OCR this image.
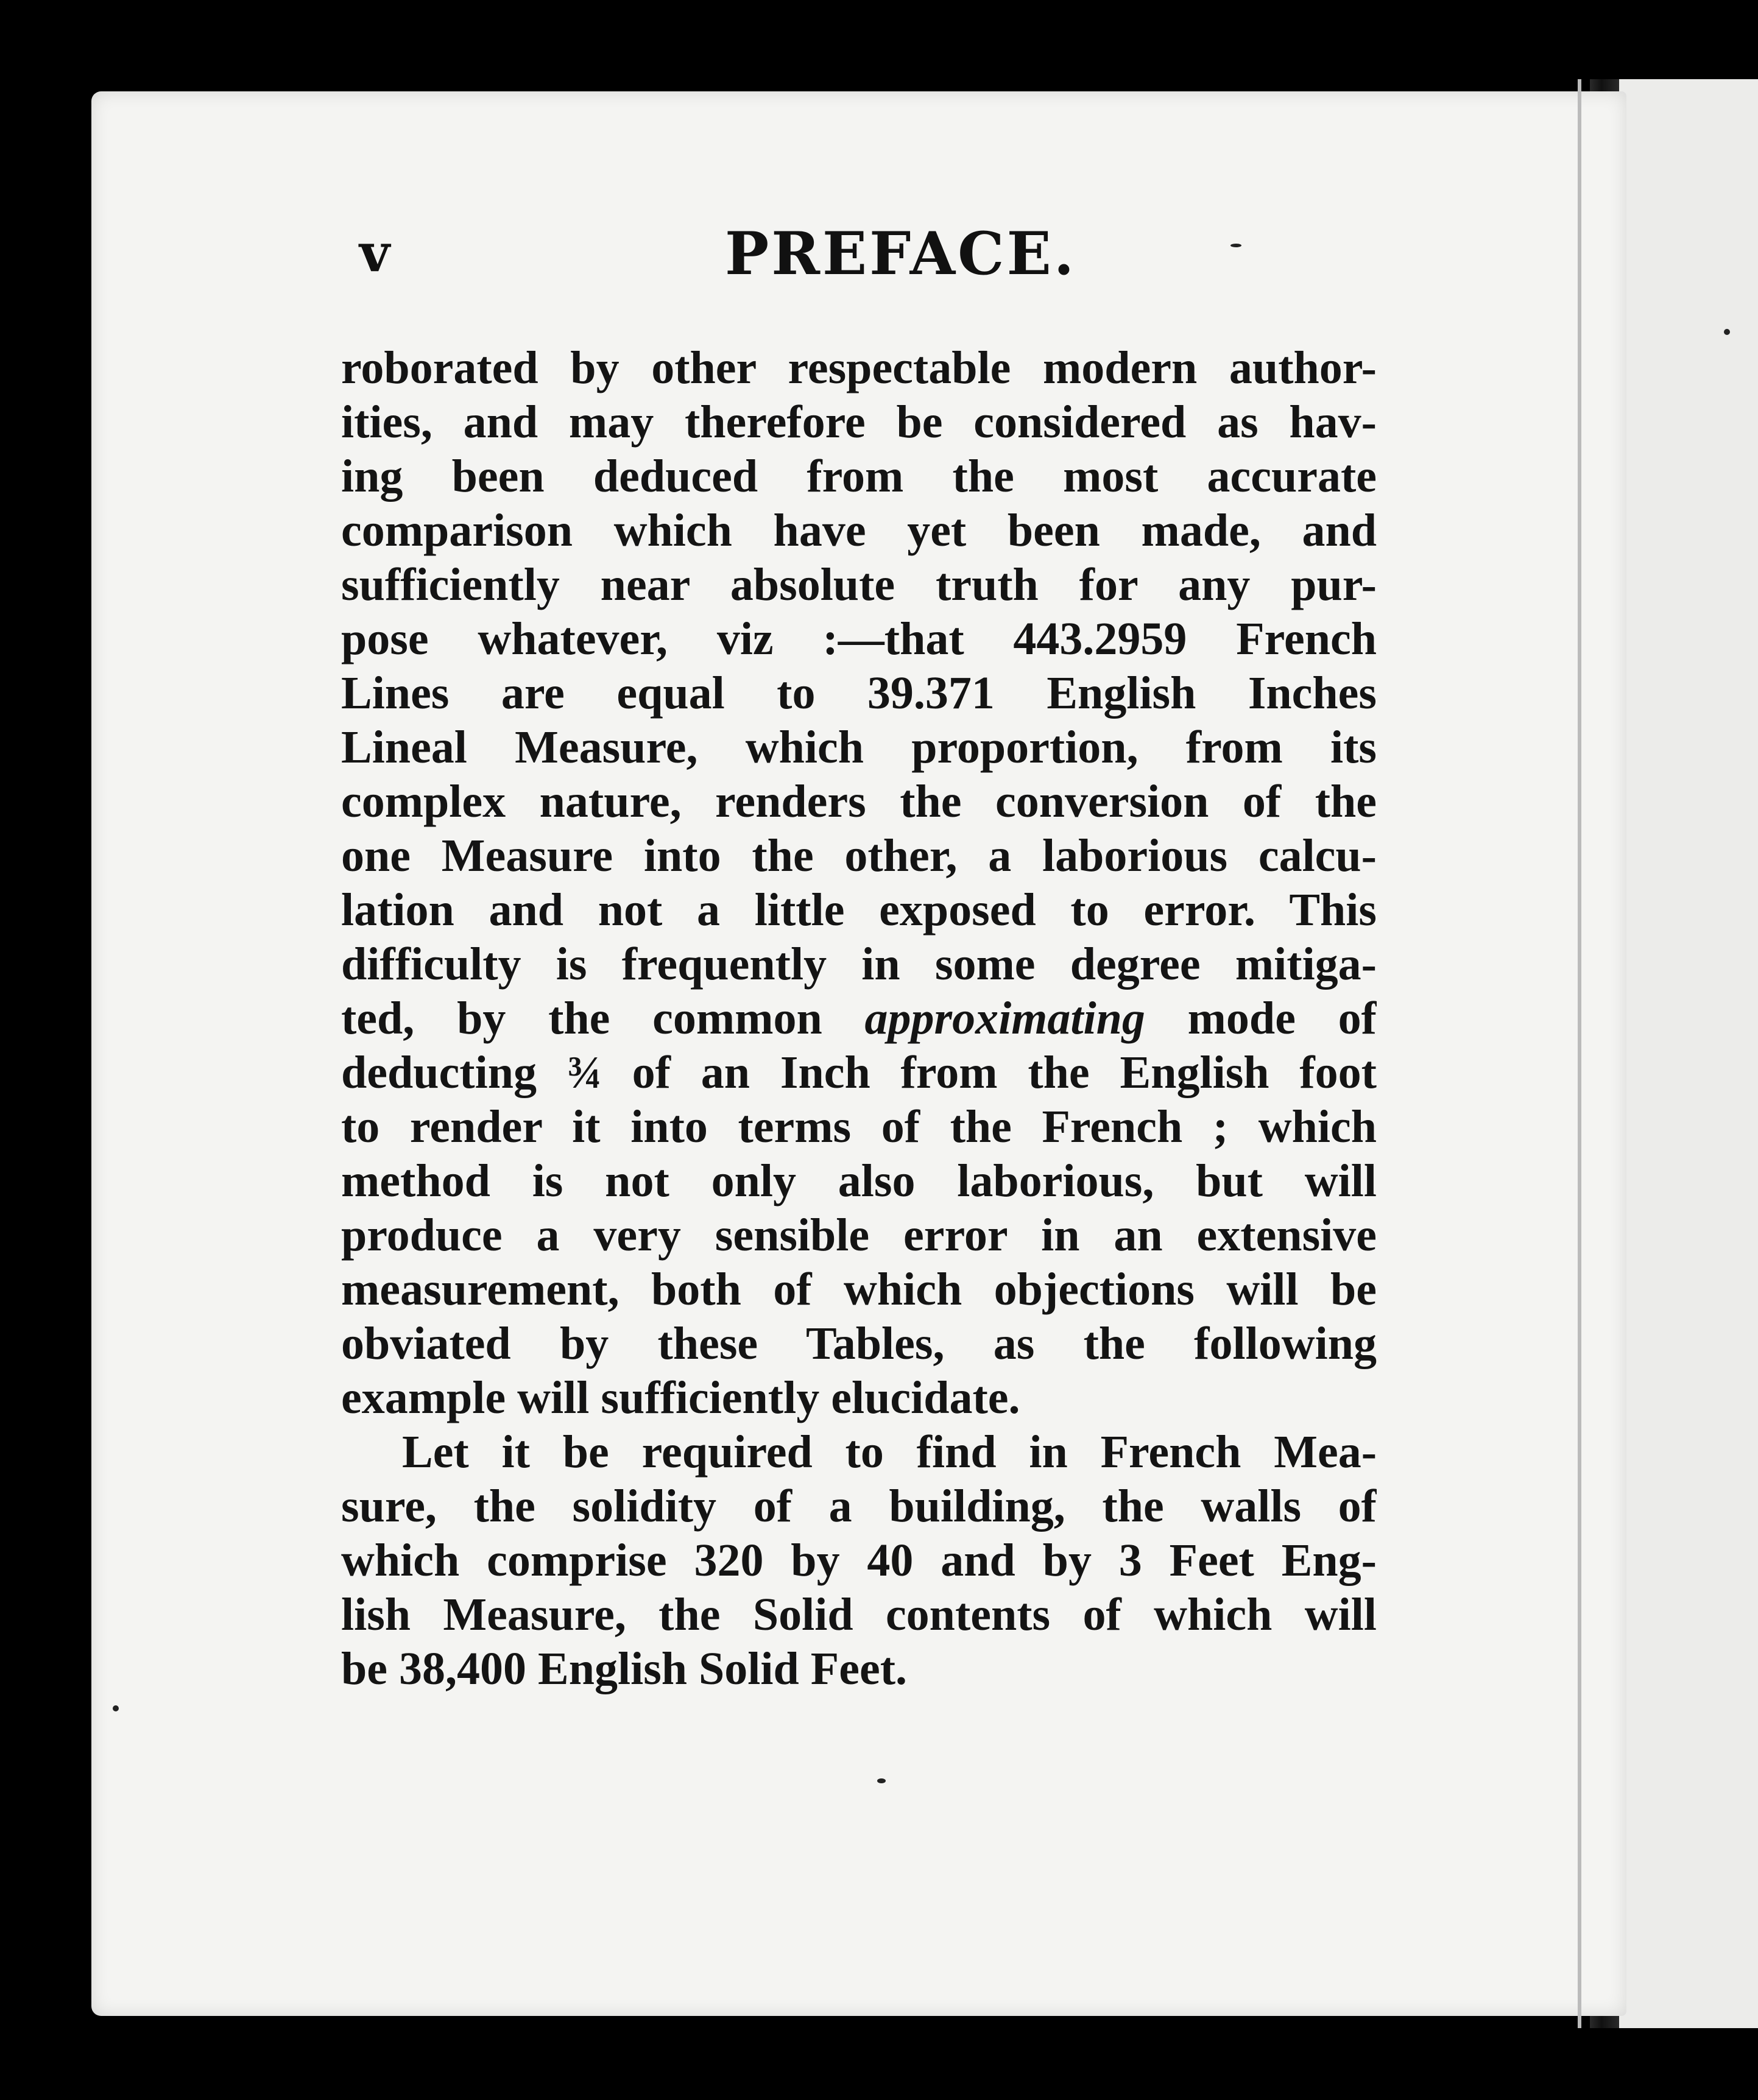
v	PREFACE.

roborated by other respectable modern author-
ities, and may therefore be considered as hav-
ing been deduced from the most accurate
comparison which have yet been made, and
sufficiently near absolute truth for any pur-
pose whatever, viz :—that 443.2959 French
Lines are equal to 39.371 English Inches
Lineal Measure, which proportion, from its
complex nature, renders the conversion of the
one Measure into the other, a laborious calcu-
lation and not a little exposed to error. This
difficulty is frequently in some degree mitiga-
ted, by the common approximating mode of
deducting ¾ of an Inch from the English foot
to render it into terms of the French ; which
method is not only also laborious, but will
produce a very sensible error in an extensive
measurement, both of which objections will be
obviated by these Tables, as the following
example will sufficiently elucidate.

Let it be required to find in French Mea-
sure, the solidity of a building, the walls of
which comprise 320 by 40 and by 3 Feet Eng-
lish Measure, the Solid contents of which will
be 38,400 English Solid Feet.
